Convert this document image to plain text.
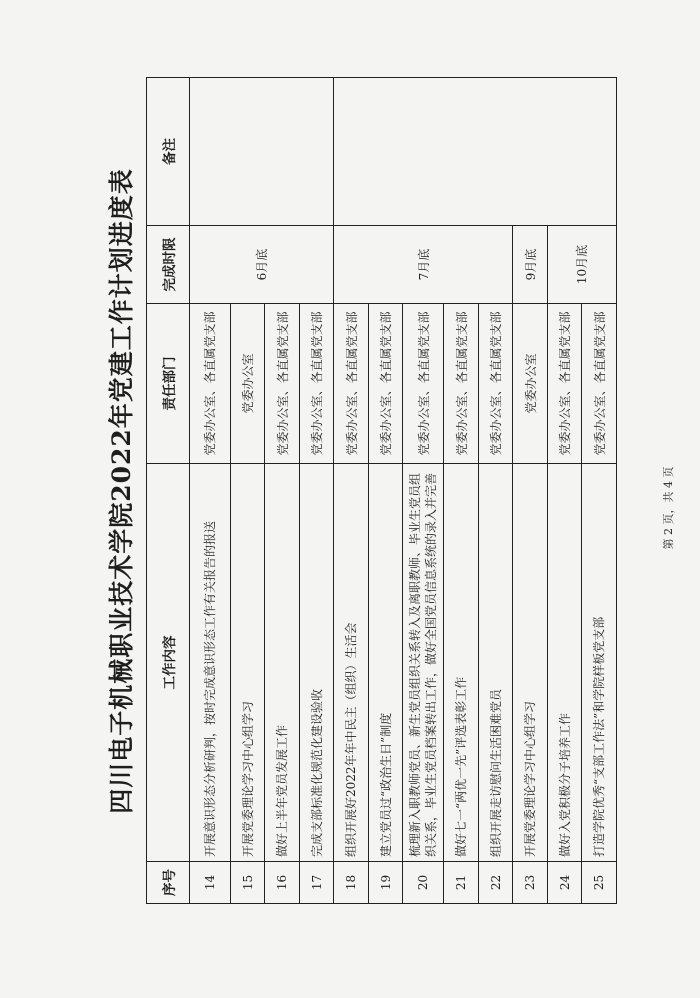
四川电子机械职业技术学院2022年党建工作计划进度表
序号	工作内容	责任部门	完成时限	备注
14	开展意识形态分析研判，按时完成意识形态工作有关报告的报送	党委办公室、各直属党支部	6月底	
15	开展党委理论学习中心组学习	党委办公室		
16	做好上半年党员发展工作	党委办公室、各直属党支部		
17	完成支部标准化规范化建设验收	党委办公室、各直属党支部		
18	组织开展好2022年年中民主（组织）生活会	党委办公室、各直属党支部	7月底	
19	建立党员过“政治生日”制度	党委办公室、各直属党支部		
20	梳理新入职教师党员、新生党员组织关系转入及离职教师、毕业生党员组织关系，毕业生党员档案转出工作，做好全国党员信息系统的录入并完善	党委办公室、各直属党支部		
21	做好七一“两优一先”评选表彰工作	党委办公室、各直属党支部		
22	组织开展走访慰问生活困难党员	党委办公室、各直属党支部		
23	开展党委理论学习中心组学习	党委办公室	9月底	
24	做好入党积极分子培养工作	党委办公室、各直属党支部	10月底	
25	打造学院优秀“支部工作法”和学院样板党支部	党委办公室、各直属党支部		
第 2 页，共 4 页
